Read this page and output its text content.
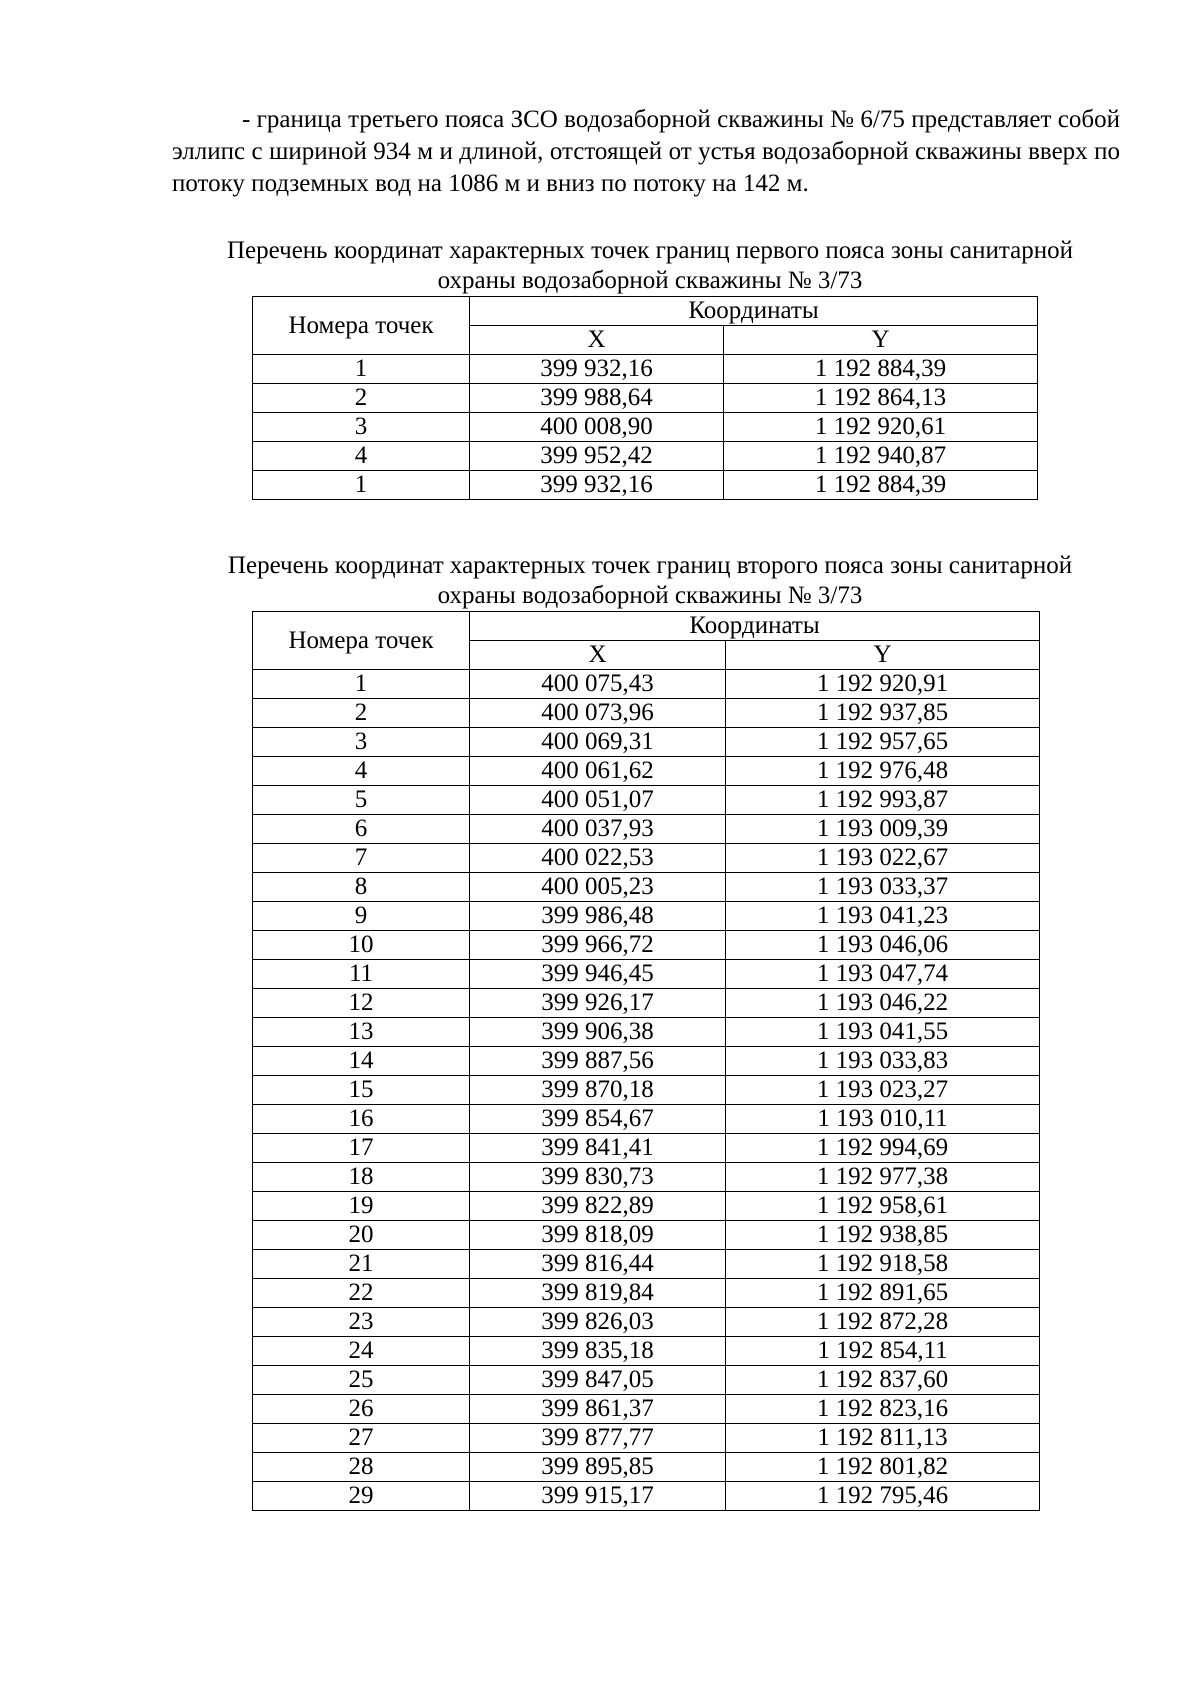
- граница третьего пояса ЗСО водозаборной скважины № 6/75 представляет собой эллипс с шириной 934 м и длиной, отстоящей от устья водозаборной скважины вверх по потоку подземных вод на 1086 м и вниз по потоку на 142 м.
Перечень координат характерных точек границ первого пояса зоны санитарной
охраны водозаборной скважины № 3/73
Номера точек	Координаты	
	X	Y
1	399 932,16	1 192 884,39
2	399 988,64	1 192 864,13
3	400 008,90	1 192 920,61
4	399 952,42	1 192 940,87
1	399 932,16	1 192 884,39
Перечень координат характерных точек границ второго пояса зоны санитарной
охраны водозаборной скважины № 3/73
Номера точек	Координаты	
	X	Y
1	400 075,43	1 192 920,91
2	400 073,96	1 192 937,85
3	400 069,31	1 192 957,65
4	400 061,62	1 192 976,48
5	400 051,07	1 192 993,87
6	400 037,93	1 193 009,39
7	400 022,53	1 193 022,67
8	400 005,23	1 193 033,37
9	399 986,48	1 193 041,23
10	399 966,72	1 193 046,06
11	399 946,45	1 193 047,74
12	399 926,17	1 193 046,22
13	399 906,38	1 193 041,55
14	399 887,56	1 193 033,83
15	399 870,18	1 193 023,27
16	399 854,67	1 193 010,11
17	399 841,41	1 192 994,69
18	399 830,73	1 192 977,38
19	399 822,89	1 192 958,61
20	399 818,09	1 192 938,85
21	399 816,44	1 192 918,58
22	399 819,84	1 192 891,65
23	399 826,03	1 192 872,28
24	399 835,18	1 192 854,11
25	399 847,05	1 192 837,60
26	399 861,37	1 192 823,16
27	399 877,77	1 192 811,13
28	399 895,85	1 192 801,82
29	399 915,17	1 192 795,46
